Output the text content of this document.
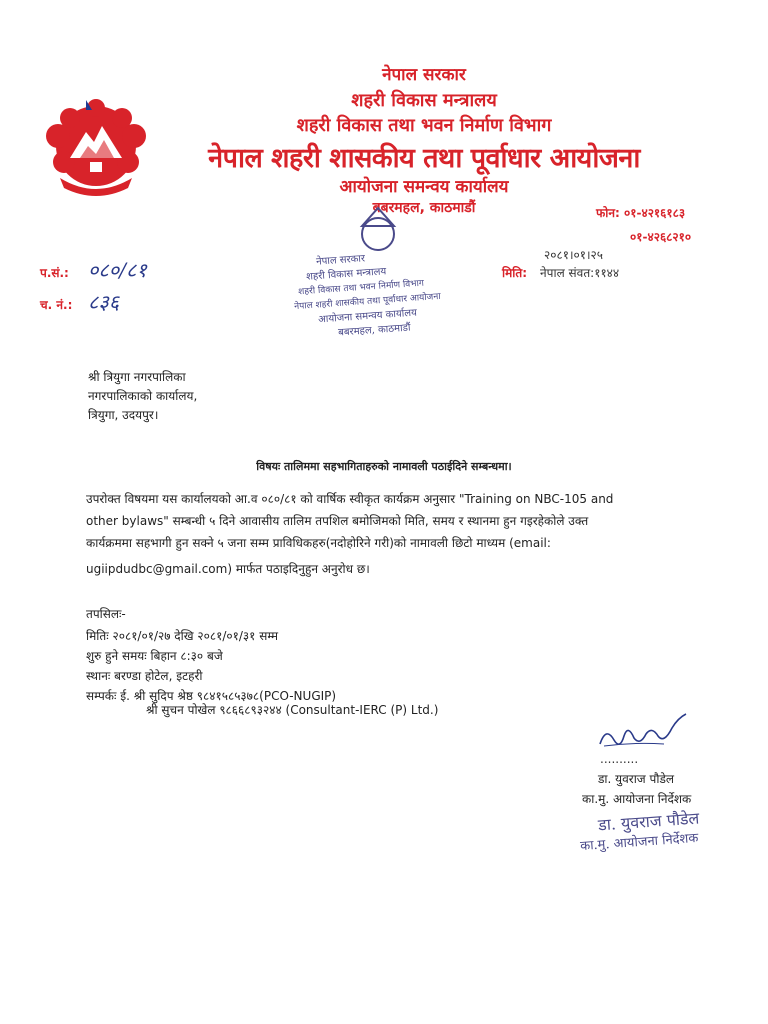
नेपाल सरकार
शहरी विकास मन्त्रालय
शहरी विकास तथा भवन निर्माण विभाग
नेपाल शहरी शासकीय तथा पूर्वाधार आयोजना
आयोजना समन्वय कार्यालय
बबरमहल, काठमाडौं
नेपाल सरकार
शहरी विकास मन्त्रालय
शहरी विकास तथा भवन निर्माण विभाग
नेपाल शहरी शासकीय तथा पूर्वाधार आयोजना
आयोजना समन्वय कार्यालय
बबरमहल, काठमाडौं
फोन: ०१-४२१६१८३
०१-४२६८२१०
२०८१।०१।२५
मिति: नेपाल संवत:११४४
प.सं.: ०८०/८१
च. नं.: ८३६
श्री त्रियुगा नगरपालिका
नगरपालिकाको कार्यालय,
त्रियुगा, उदयपुर।
विषयः तालिममा सहभागिताहरुको नामावली पठाईदिने सम्बन्धमा।
उपरोक्त विषयमा यस कार्यालयको आ.व ०८०/८१ को वार्षिक स्वीकृत कार्यक्रम अनुसार "Training on NBC-105 and
other bylaws" सम्बन्धी ५ दिने आवासीय तालिम तपशिल बमोजिमको मिति, समय र स्थानमा हुन गइरहेकोले उक्त
कार्यक्रममा सहभागी हुन सक्ने ५ जना सम्म प्राविधिकहरु(नदोहोरिने गरी)को नामावली छिटो माध्यम (email:
ugiipdudbc@gmail.com) मार्फत पठाइदिनुहुन अनुरोध छ।
तपसिलः-
मितिः २०८१/०१/२७ देखि २०८१/०१/३१ सम्म
शुरु हुने समयः बिहान ८:३० बजे
स्थानः बरण्डा होटेल, इटहरी
सम्पर्कः ई. श्री सुदिप श्रेष्ठ ९८४१५८५३७८(PCO-NUGIP)
श्री सुचन पोखेल ९८६६८९३२४४ (Consultant-IERC (P) Ltd.)
..........
डा. युवराज पौडेल
का.मु. आयोजना निर्देशक
डा. युवराज पौडेल
का.मु. आयोजना निर्देशक
